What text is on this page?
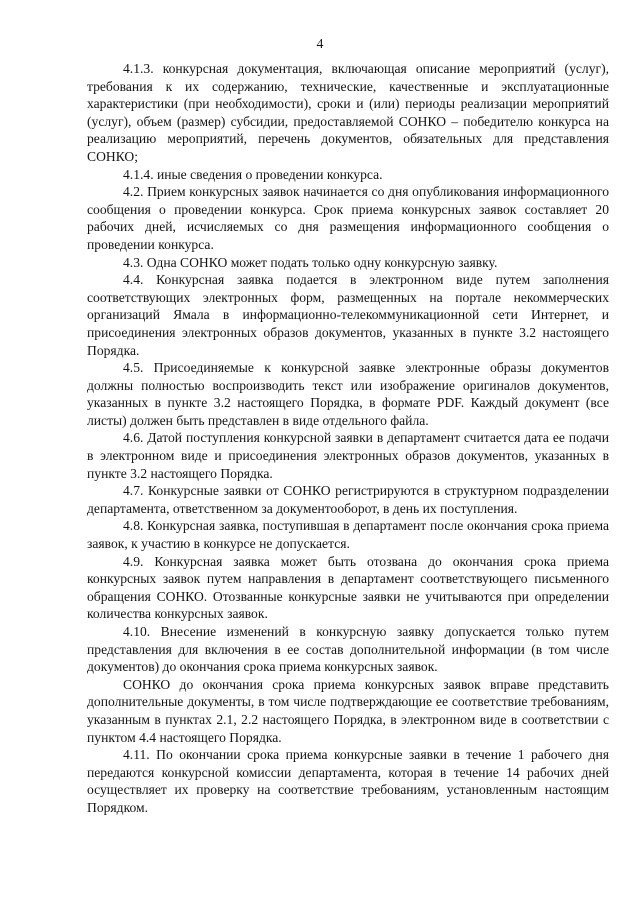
4

4.1.3. конкурсная документация, включающая описание мероприятий (услуг), требования к их содержанию, технические, качественные и эксплуатационные характеристики (при необходимости), сроки и (или) периоды реализации мероприятий (услуг), объем (размер) субсидии, предоставляемой СОНКО – победителю конкурса на реализацию мероприятий, перечень документов, обязательных для представления СОНКО;

4.1.4. иные сведения о проведении конкурса.

4.2. Прием конкурсных заявок начинается со дня опубликования информационного сообщения о проведении конкурса. Срок приема конкурсных заявок составляет 20 рабочих дней, исчисляемых со дня размещения информационного сообщения о проведении конкурса.

4.3. Одна СОНКО может подать только одну конкурсную заявку.

4.4. Конкурсная заявка подается в электронном виде путем заполнения соответствующих электронных форм, размещенных на портале некоммерческих организаций Ямала в информационно-телекоммуникационной сети Интернет, и присоединения электронных образов документов, указанных в пункте 3.2 настоящего Порядка.

4.5. Присоединяемые к конкурсной заявке электронные образы документов должны полностью воспроизводить текст или изображение оригиналов документов, указанных в пункте 3.2 настоящего Порядка, в формате PDF. Каждый документ (все листы) должен быть представлен в виде отдельного файла.

4.6. Датой поступления конкурсной заявки в департамент считается дата ее подачи в электронном виде и присоединения электронных образов документов, указанных в пункте 3.2 настоящего Порядка.

4.7. Конкурсные заявки от СОНКО регистрируются в структурном подразделении департамента, ответственном за документооборот, в день их поступления.

4.8. Конкурсная заявка, поступившая в департамент после окончания срока приема заявок, к участию в конкурсе не допускается.

4.9. Конкурсная заявка может быть отозвана до окончания срока приема конкурсных заявок путем направления в департамент соответствующего письменного обращения СОНКО. Отозванные конкурсные заявки не учитываются при определении количества конкурсных заявок.

4.10. Внесение изменений в конкурсную заявку допускается только путем представления для включения в ее состав дополнительной информации (в том числе документов) до окончания срока приема конкурсных заявок.

СОНКО до окончания срока приема конкурсных заявок вправе представить дополнительные документы, в том числе подтверждающие ее соответствие требованиям, указанным в пунктах 2.1, 2.2 настоящего Порядка, в электронном виде в соответствии с пунктом 4.4 настоящего Порядка.

4.11. По окончании срока приема конкурсные заявки в течение 1 рабочего дня передаются конкурсной комиссии департамента, которая в течение 14 рабочих дней осуществляет их проверку на соответствие требованиям, установленным настоящим Порядком.
